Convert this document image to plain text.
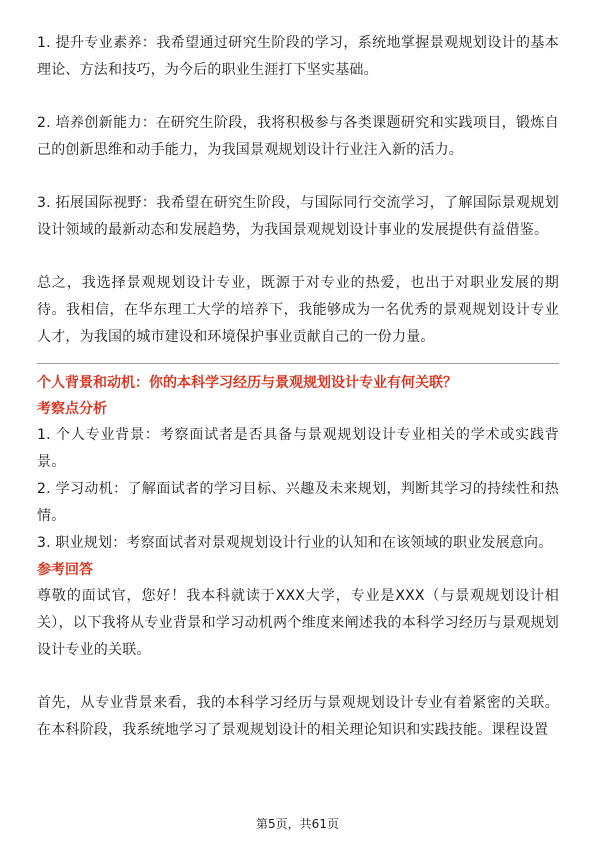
1. 提升专业素养：我希望通过研究生阶段的学习，系统地掌握景观规划设计的基本理论、方法和技巧，为今后的职业生涯打下坚实基础。

2. 培养创新能力：在研究生阶段，我将积极参与各类课题研究和实践项目，锻炼自己的创新思维和动手能力，为我国景观规划设计行业注入新的活力。

3. 拓展国际视野：我希望在研究生阶段，与国际同行交流学习，了解国际景观规划设计领域的最新动态和发展趋势，为我国景观规划设计事业的发展提供有益借鉴。

总之，我选择景观规划设计专业，既源于对专业的热爱，也出于对职业发展的期待。我相信，在华东理工大学的培养下，我能够成为一名优秀的景观规划设计专业人才，为我国的城市建设和环境保护事业贡献自己的一份力量。

个人背景和动机：你的本科学习经历与景观规划设计专业有何关联？

考察点分析

1. 个人专业背景：考察面试者是否具备与景观规划设计专业相关的学术或实践背景。

2. 学习动机：了解面试者的学习目标、兴趣及未来规划，判断其学习的持续性和热情。

3. 职业规划：考察面试者对景观规划设计行业的认知和在该领域的职业发展意向。

参考回答

尊敬的面试官，您好！我本科就读于XXX大学，专业是XXX（与景观规划设计相关），以下我将从专业背景和学习动机两个维度来阐述我的本科学习经历与景观规划设计专业的关联。

首先，从专业背景来看，我的本科学习经历与景观规划设计专业有着紧密的关联。在本科阶段，我系统地学习了景观规划设计的相关理论知识和实践技能。课程设置

第5页，共61页
